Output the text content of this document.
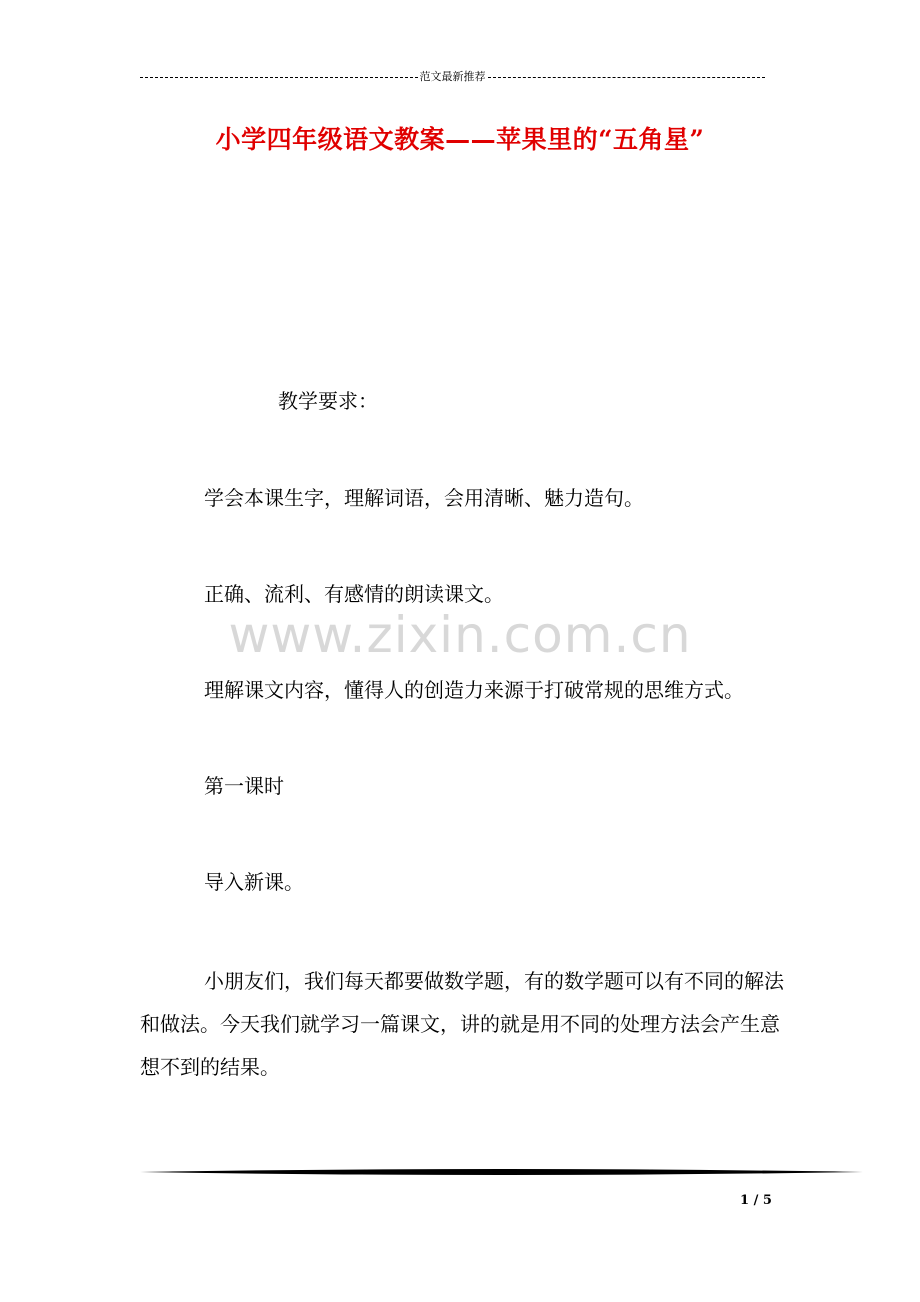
范文最新推荐
小学四年级语文教案——苹果里的“五角星”
教学要求：
学会本课生字，理解词语，会用清晰、魅力造句。
正确、流利、有感情的朗读课文。
www.zixin.com.cn
理解课文内容，懂得人的创造力来源于打破常规的思维方式。
第一课时
导入新课。
小朋友们，我们每天都要做数学题，有的数学题可以有不同的解法和做法。今天我们就学习一篇课文，讲的就是用不同的处理方法会产生意想不到的结果。
1 / 5
